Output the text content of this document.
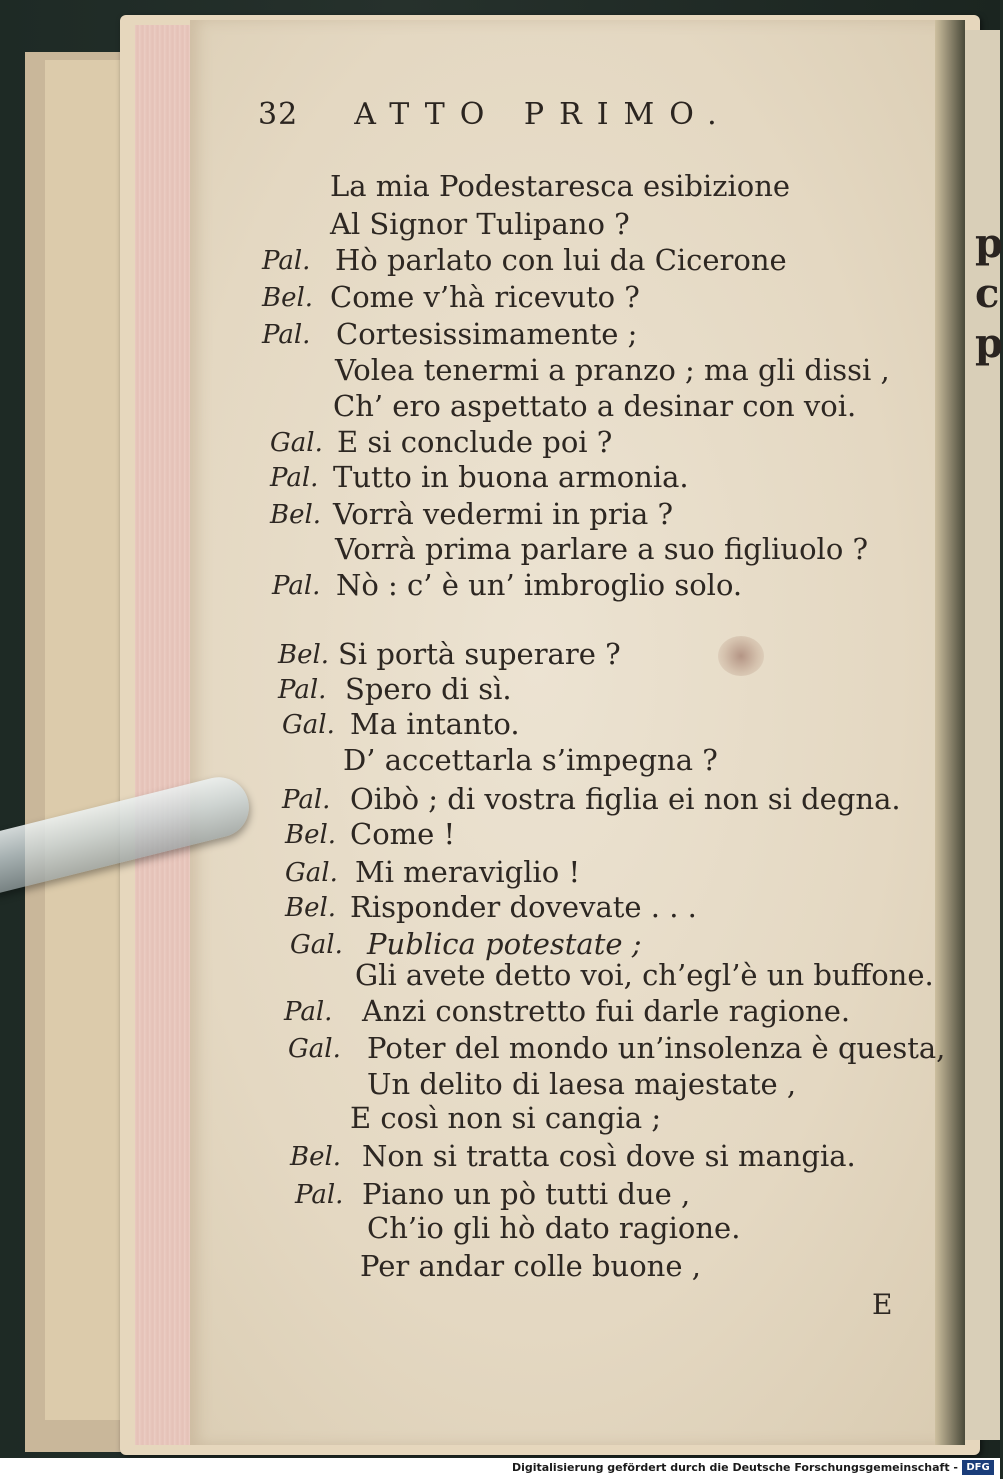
p
c
p
32 ATTO PRIMO.
La mia Podestaresca esibizione
Al Signor Tulipano ?
Pal. Hò parlato con lui da Cicerone
Bel. Come v’hà ricevuto ?
Pal. Cortesissimamente ;
Volea tenermi a pranzo ; ma gli dissi ,
Ch’ ero aspettato a desinar con voi.
Gal. E si conclude poi ?
Pal. Tutto in buona armonia.
Bel. Vorrà vedermi in pria ?
Vorrà prima parlare a suo figliuolo ?
Pal. Nò : c’ è un’ imbroglio solo.
Bel. Si portà superare ?
Pal. Spero di sì.
Gal. Ma intanto.
D’ accettarla s’impegna ?
Pal. Oibò ; di vostra figlia ei non si degna.
Bel. Come !
Gal. Mi meraviglio !
Bel. Risponder dovevate . . .
Gal. Publica potestate ;
Gli avete detto voi, ch’egl’è un buffone.
Pal. Anzi constretto fui darle ragione.
Gal. Poter del mondo un’insolenza è questa,
Un delito di laesa majestate ,
E così non si cangia ;
Bel. Non si tratta così dove si mangia.
Pal. Piano un pò tutti due ,
Ch’io gli hò dato ragione.
Per andar colle buone ,
E
Digitalisierung gefördert durch die Deutsche Forschungsgemeinschaft - DFG
